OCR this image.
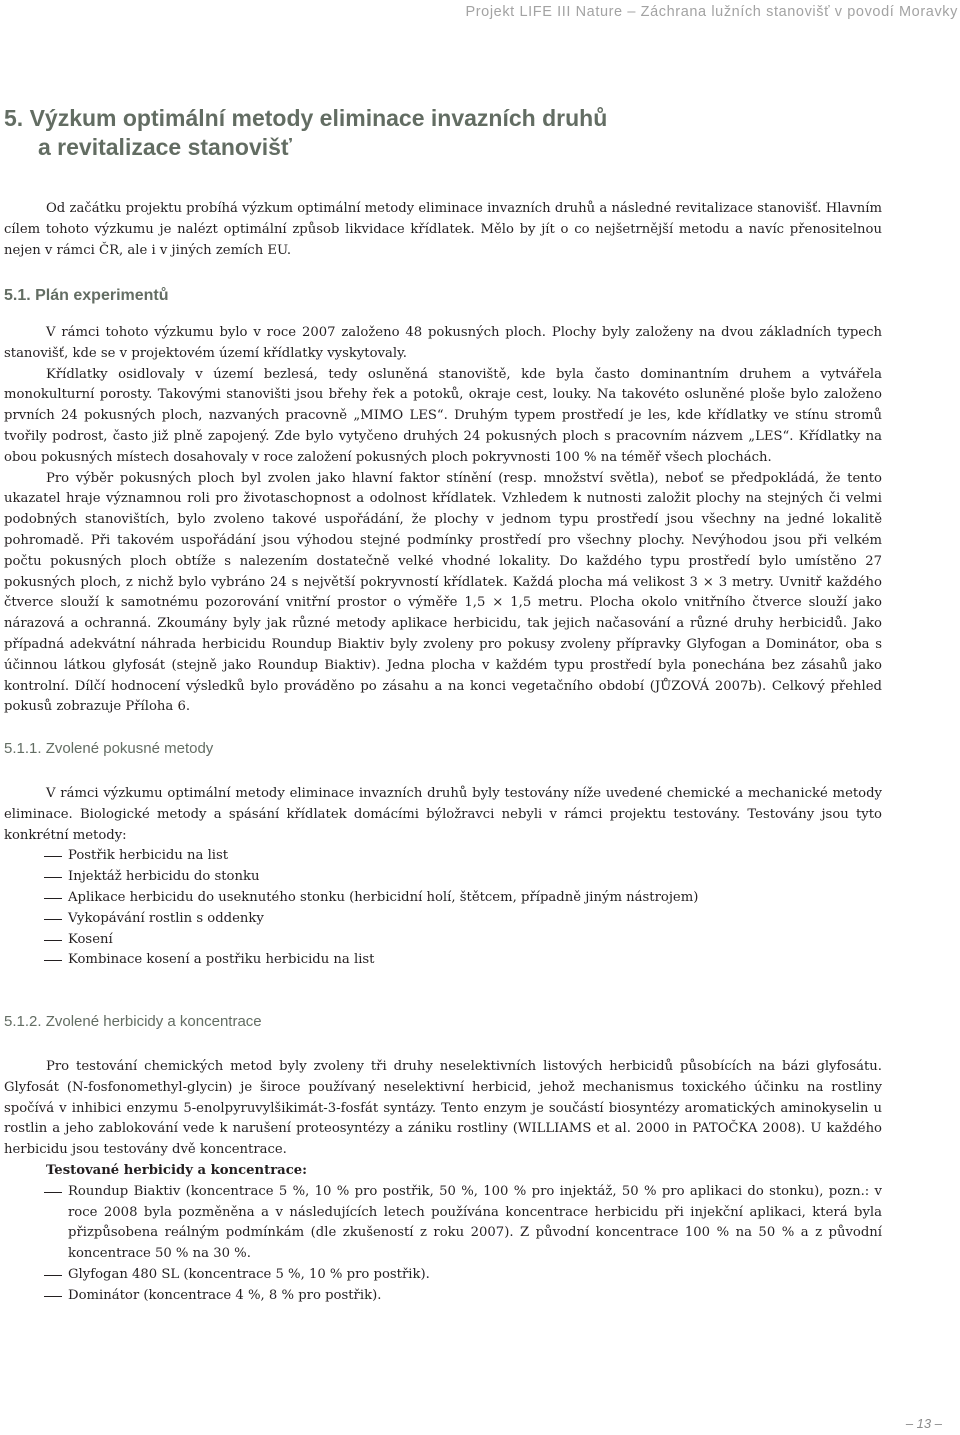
Projekt LIFE III Nature – Záchrana lužních stanovišť v povodí Moravky
5. Výzkum optimální metody eliminace invazních druhů
a revitalizace stanovišť

Od začátku projektu probíhá výzkum optimální metody eliminace invazních druhů a následné revitalizace stanovišť. Hlavním cílem tohoto výzkumu je nalézt optimální způsob likvidace křídlatek. Mělo by jít o co nejšetrnější metodu a navíc přenositelnou nejen v rámci ČR, ale i v jiných zemích EU.

5.1. Plán experimentů

V rámci tohoto výzkumu bylo v roce 2007 založeno 48 pokusných ploch. Plochy byly založeny na dvou základních typech stanovišť, kde se v projektovém území křídlatky vyskytovaly.

Křídlatky osidlovaly v území bezlesá, tedy osluněná stanoviště, kde byla často dominantním druhem a vytvářela monokulturní porosty. Takovými stanovišti jsou břehy řek a potoků, okraje cest, louky. Na takovéto osluněné ploše bylo založeno prvních 24 pokusných ploch, nazvaných pracovně „MIMO LES“. Druhým typem prostředí je les, kde křídlatky ve stínu stromů tvořily podrost, často již plně zapojený. Zde bylo vytyčeno druhých 24 pokusných ploch s pracovním názvem „LES“. Křídlatky na obou pokusných místech dosahovaly v roce založení pokusných ploch pokryvnosti 100 % na téměř všech plochách.

Pro výběr pokusných ploch byl zvolen jako hlavní faktor stínění (resp. množství světla), neboť se předpokládá, že tento ukazatel hraje významnou roli pro životaschopnost a odolnost křídlatek. Vzhledem k nutnosti založit plochy na stejných či velmi podobných stanovištích, bylo zvoleno takové uspořádání, že plochy v jednom typu prostředí jsou všechny na jedné lokalitě pohromadě. Při takovém uspořádání jsou výhodou stejné podmínky prostředí pro všechny plochy. Nevýhodou jsou při velkém počtu pokusných ploch obtíže s nalezením dostatečně velké vhodné lokality. Do každého typu prostředí bylo umístěno 27 pokusných ploch, z nichž bylo vybráno 24 s největší pokryvností křídlatek. Každá plocha má velikost 3 × 3 metry. Uvnitř každého čtverce slouží k samotnému pozorování vnitřní prostor o výměře 1,5 × 1,5 metru. Plocha okolo vnitřního čtverce slouží jako nárazová a ochranná. Zkoumány byly jak různé metody aplikace herbicidu, tak jejich načasování a různé druhy herbicidů. Jako případná adekvátní náhrada herbicidu Roundup Biaktiv byly zvoleny pro pokusy zvoleny přípravky Glyfogan a Dominátor, oba s účinnou látkou glyfosát (stejně jako Roundup Biaktiv). Jedna plocha v každém typu prostředí byla ponechána bez zásahů jako kontrolní. Dílčí hodnocení výsledků bylo prováděno po zásahu a na konci vegetačního období (JŮZOVÁ 2007b). Celkový přehled pokusů zobrazuje Příloha 6.

5.1.1. Zvolené pokusné metody

V rámci výzkumu optimální metody eliminace invazních druhů byly testovány níže uvedené chemické a mechanické metody eliminace. Biologické metody a spásání křídlatek domácími býložravci nebyli v rámci projektu testovány. Testovány jsou tyto konkrétní metody:

Postřik herbicidu na list
Injektáž herbicidu do stonku
Aplikace herbicidu do useknutého stonku (herbicidní holí, štětcem, případně jiným nástrojem)
Vykopávání rostlin s oddenky
Kosení
Kombinace kosení a postřiku herbicidu na list
5.1.2. Zvolené herbicidy a koncentrace

Pro testování chemických metod byly zvoleny tři druhy neselektivních listových herbicidů působících na bázi glyfosátu. Glyfosát (N-fosfonomethyl-glycin) je široce používaný neselektivní herbicid, jehož mechanismus toxického účinku na rostliny spočívá v inhibici enzymu 5-enolpyruvylšikimát-3-fosfát syntázy. Tento enzym je součástí biosyntézy aromatických aminokyselin u rostlin a jeho zablokování vede k narušení proteosyntézy a zániku rostliny (WILLIAMS et al. 2000 in PATOČKA 2008). U každého herbicidu jsou testovány dvě koncentrace.

Testované herbicidy a koncentrace:

Roundup Biaktiv (koncentrace 5 %, 10 % pro postřik, 50 %, 100 % pro injektáž, 50 % pro aplikaci do stonku), pozn.: v roce 2008 byla pozměněna a v následujících letech používána koncentrace herbicidu při injekční aplikaci, která byla přizpůsobena reálným podmínkám (dle zkušeností z roku 2007). Z původní koncentrace 100 % na 50 % a z původní koncentrace 50 % na 30 %.
Glyfogan 480 SL (koncentrace 5 %, 10 % pro postřik).
Dominátor (koncentrace 4 %, 8 % pro postřik).
– 13 –
